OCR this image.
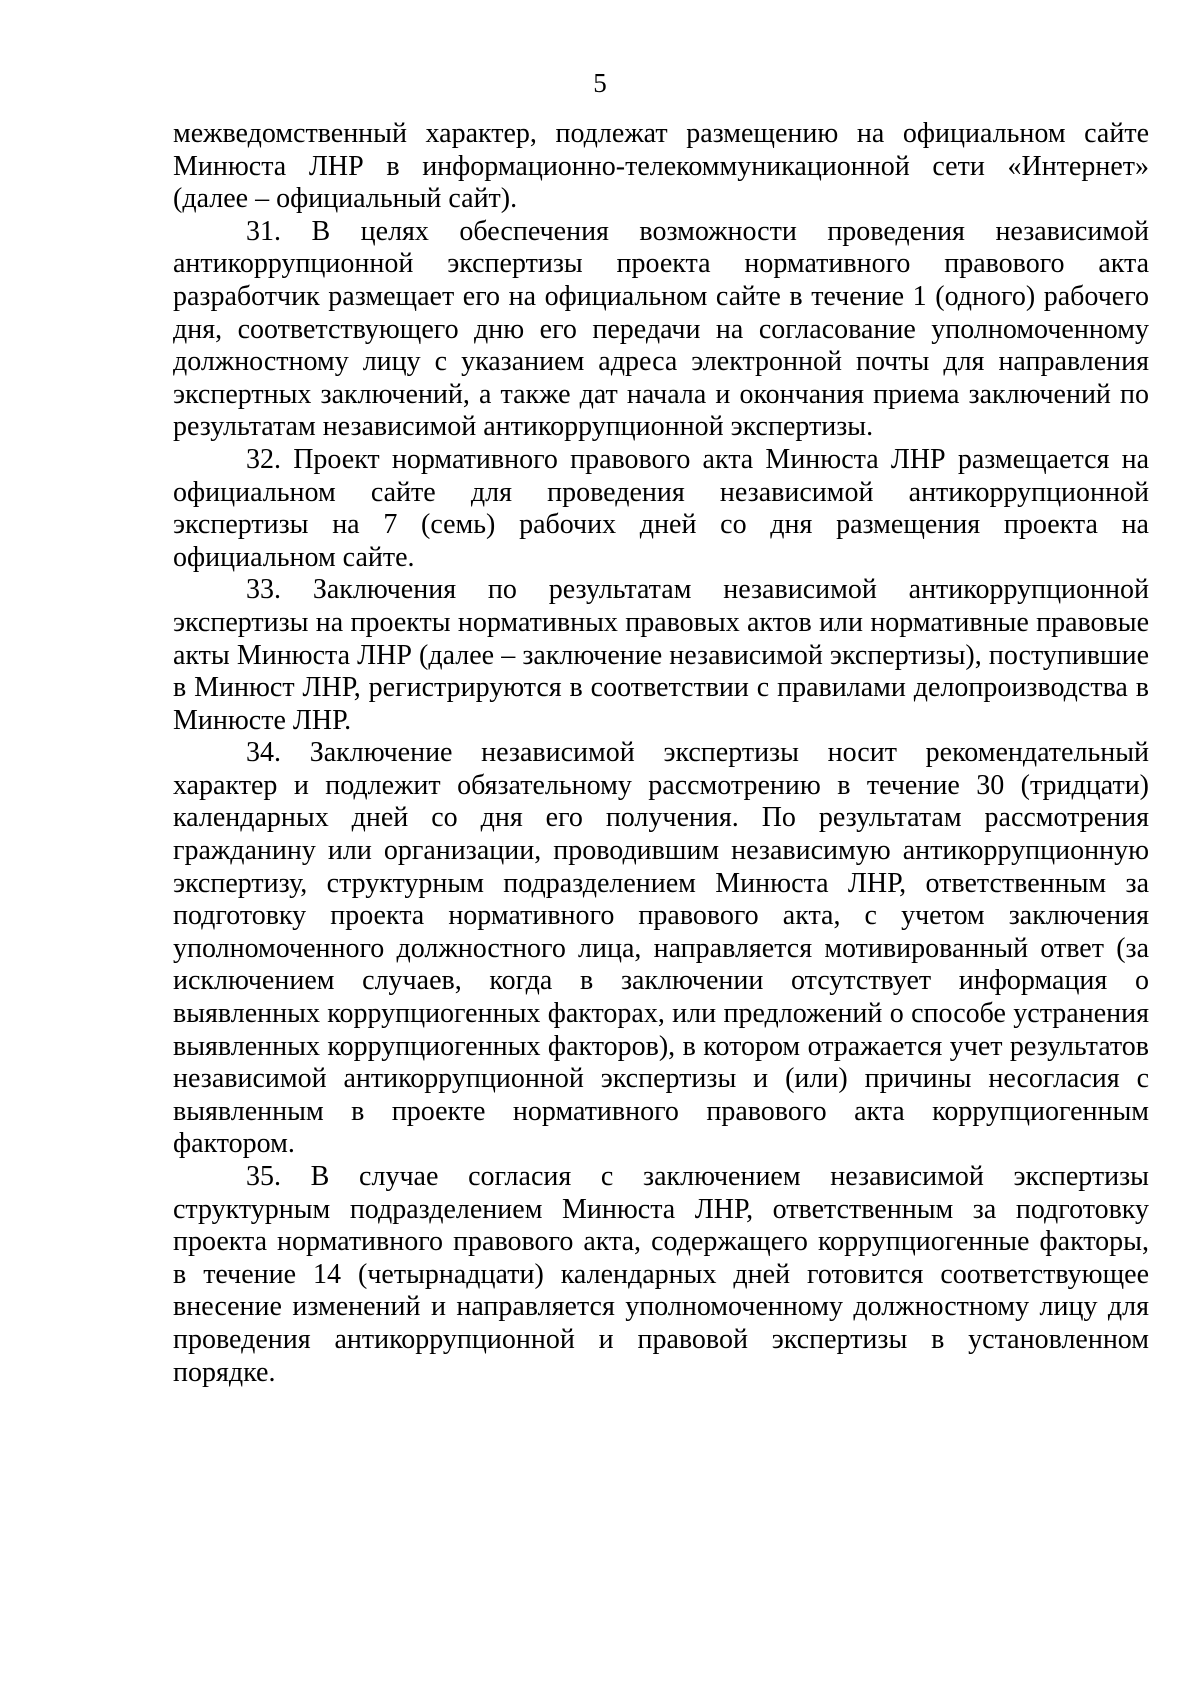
5

межведомственный характер, подлежат размещению на официальном сайте Минюста ЛНР в информационно-телекоммуникационной сети «Интернет» (далее – официальный сайт).

31. В целях обеспечения возможности проведения независимой антикоррупционной экспертизы проекта нормативного правового акта разработчик размещает его на официальном сайте в течение 1 (одного) рабочего дня, соответствующего дню его передачи на согласование уполномоченному должностному лицу с указанием адреса электронной почты для направления экспертных заключений, а также дат начала и окончания приема заключений по результатам независимой антикоррупционной экспертизы.

32. Проект нормативного правового акта Минюста ЛНР размещается на официальном сайте для проведения независимой антикоррупционной экспертизы на 7 (семь) рабочих дней со дня размещения проекта на официальном сайте.

33. Заключения по результатам независимой антикоррупционной экспертизы на проекты нормативных правовых актов или нормативные правовые акты Минюста ЛНР (далее – заключение независимой экспертизы), поступившие в Минюст ЛНР, регистрируются в соответствии с правилами делопроизводства в Минюсте ЛНР.

34. Заключение независимой экспертизы носит рекомендательный характер и подлежит обязательному рассмотрению в течение 30 (тридцати) календарных дней со дня его получения. По результатам рассмотрения гражданину или организации, проводившим независимую антикоррупционную экспертизу, структурным подразделением Минюста ЛНР, ответственным за подготовку проекта нормативного правового акта, с учетом заключения уполномоченного должностного лица, направляется мотивированный ответ (за исключением случаев, когда в заключении отсутствует информация о выявленных коррупциогенных факторах, или предложений о способе устранения выявленных коррупциогенных факторов), в котором отражается учет результатов независимой антикоррупционной экспертизы и (или) причины несогласия с выявленным в проекте нормативного правового акта коррупциогенным фактором.

35. В случае согласия с заключением независимой экспертизы структурным подразделением Минюста ЛНР, ответственным за подготовку проекта нормативного правового акта, содержащего коррупциогенные факторы, в течение 14 (четырнадцати) календарных дней готовится соответствующее внесение изменений и направляется уполномоченному должностному лицу для проведения антикоррупционной и правовой экспертизы в установленном порядке.
